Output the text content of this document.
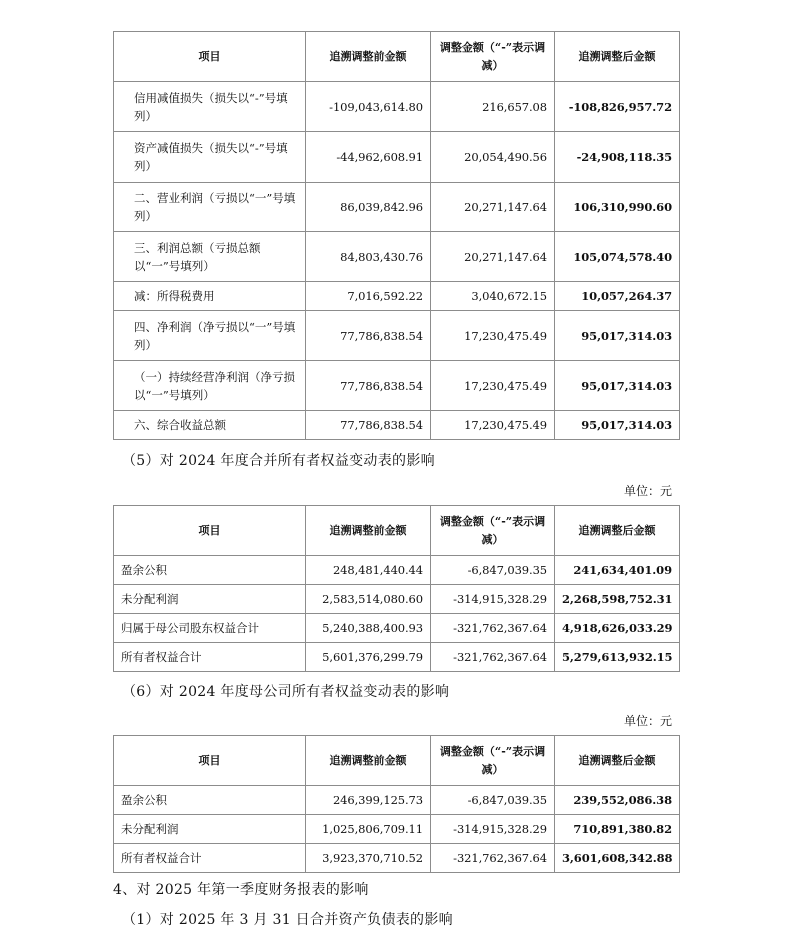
项目	追溯调整前金额	调整金额（“-”表示调减）	追溯调整后金额
信用减值损失（损失以“-”号填列）	-109,043,614.80	216,657.08	-108,826,957.72
资产减值损失（损失以“-”号填列）	-44,962,608.91	20,054,490.56	-24,908,118.35
二、营业利润（亏损以“一”号填列）	86,039,842.96	20,271,147.64	106,310,990.60
三、利润总额（亏损总额以“一”号填列）	84,803,430.76	20,271,147.64	105,074,578.40
减：所得税费用	7,016,592.22	3,040,672.15	10,057,264.37
四、净利润（净亏损以“一”号填列）	77,786,838.54	17,230,475.49	95,017,314.03
（一）持续经营净利润（净亏损以“一”号填列）	77,786,838.54	17,230,475.49	95,017,314.03
六、综合收益总额	77,786,838.54	17,230,475.49	95,017,314.03
（5）对 2024 年度合并所有者权益变动表的影响
单位：元
项目	追溯调整前金额	调整金额（“-”表示调减）	追溯调整后金额
盈余公积	248,481,440.44	-6,847,039.35	241,634,401.09
未分配利润	2,583,514,080.60	-314,915,328.29	2,268,598,752.31
归属于母公司股东权益合计	5,240,388,400.93	-321,762,367.64	4,918,626,033.29
所有者权益合计	5,601,376,299.79	-321,762,367.64	5,279,613,932.15
（6）对 2024 年度母公司所有者权益变动表的影响
单位：元
项目	追溯调整前金额	调整金额（“-”表示调减）	追溯调整后金额
盈余公积	246,399,125.73	-6,847,039.35	239,552,086.38
未分配利润	1,025,806,709.11	-314,915,328.29	710,891,380.82
所有者权益合计	3,923,370,710.52	-321,762,367.64	3,601,608,342.88
4、对 2025 年第一季度财务报表的影响
（1）对 2025 年 3 月 31 日合并资产负债表的影响
